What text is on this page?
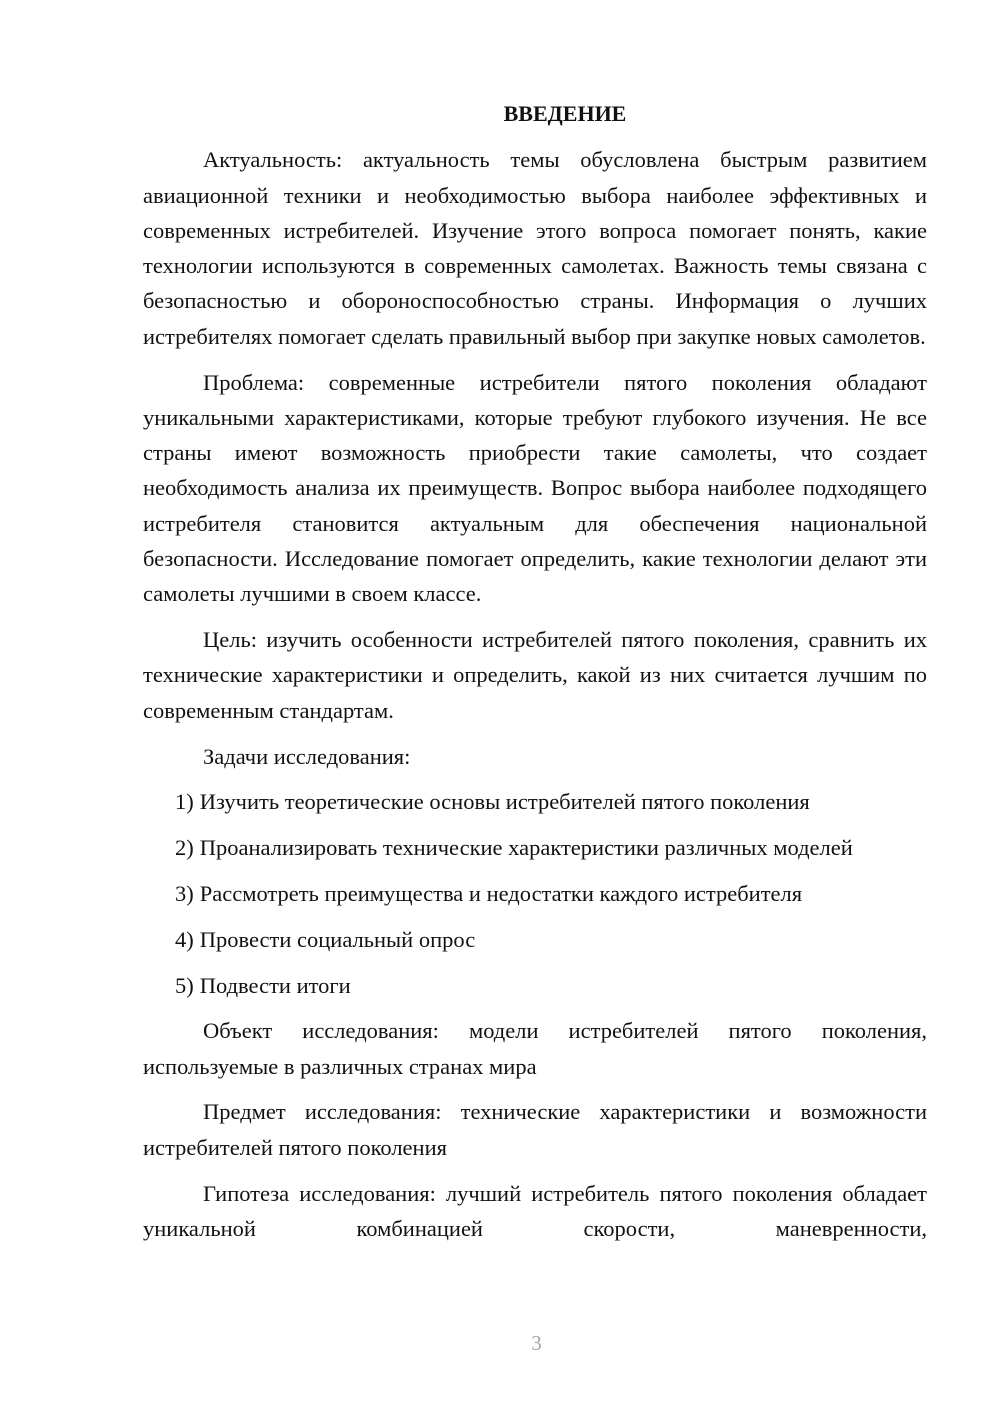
ВВЕДЕНИЕ

Актуальность: актуальность темы обусловлена быстрым развитием авиационной техники и необходимостью выбора наиболее эффективных и современных истребителей. Изучение этого вопроса помогает понять, какие технологии используются в современных самолетах. Важность темы связана с безопасностью и обороноспособностью страны. Информация о лучших истребителях помогает сделать правильный выбор при закупке новых самолетов.

Проблема: современные истребители пятого поколения обладают уникальными характеристиками, которые требуют глубокого изучения. Не все страны имеют возможность приобрести такие самолеты, что создает необходимость анализа их преимуществ. Вопрос выбора наиболее подходящего истребителя становится актуальным для обеспечения национальной безопасности. Исследование помогает определить, какие технологии делают эти самолеты лучшими в своем классе.

Цель: изучить особенности истребителей пятого поколения, сравнить их технические характеристики и определить, какой из них считается лучшим по современным стандартам.

Задачи исследования:

1) Изучить теоретические основы истребителей пятого поколения
2) Проанализировать технические характеристики различных моделей
3) Рассмотреть преимущества и недостатки каждого истребителя
4) Провести социальный опрос
5) Подвести итоги

Объект исследования: модели истребителей пятого поколения, используемые в различных странах мира

Предмет исследования: технические характеристики и возможности истребителей пятого поколения

Гипотеза исследования: лучший истребитель пятого поколения обладает уникальной комбинацией скорости, маневренности,

3
